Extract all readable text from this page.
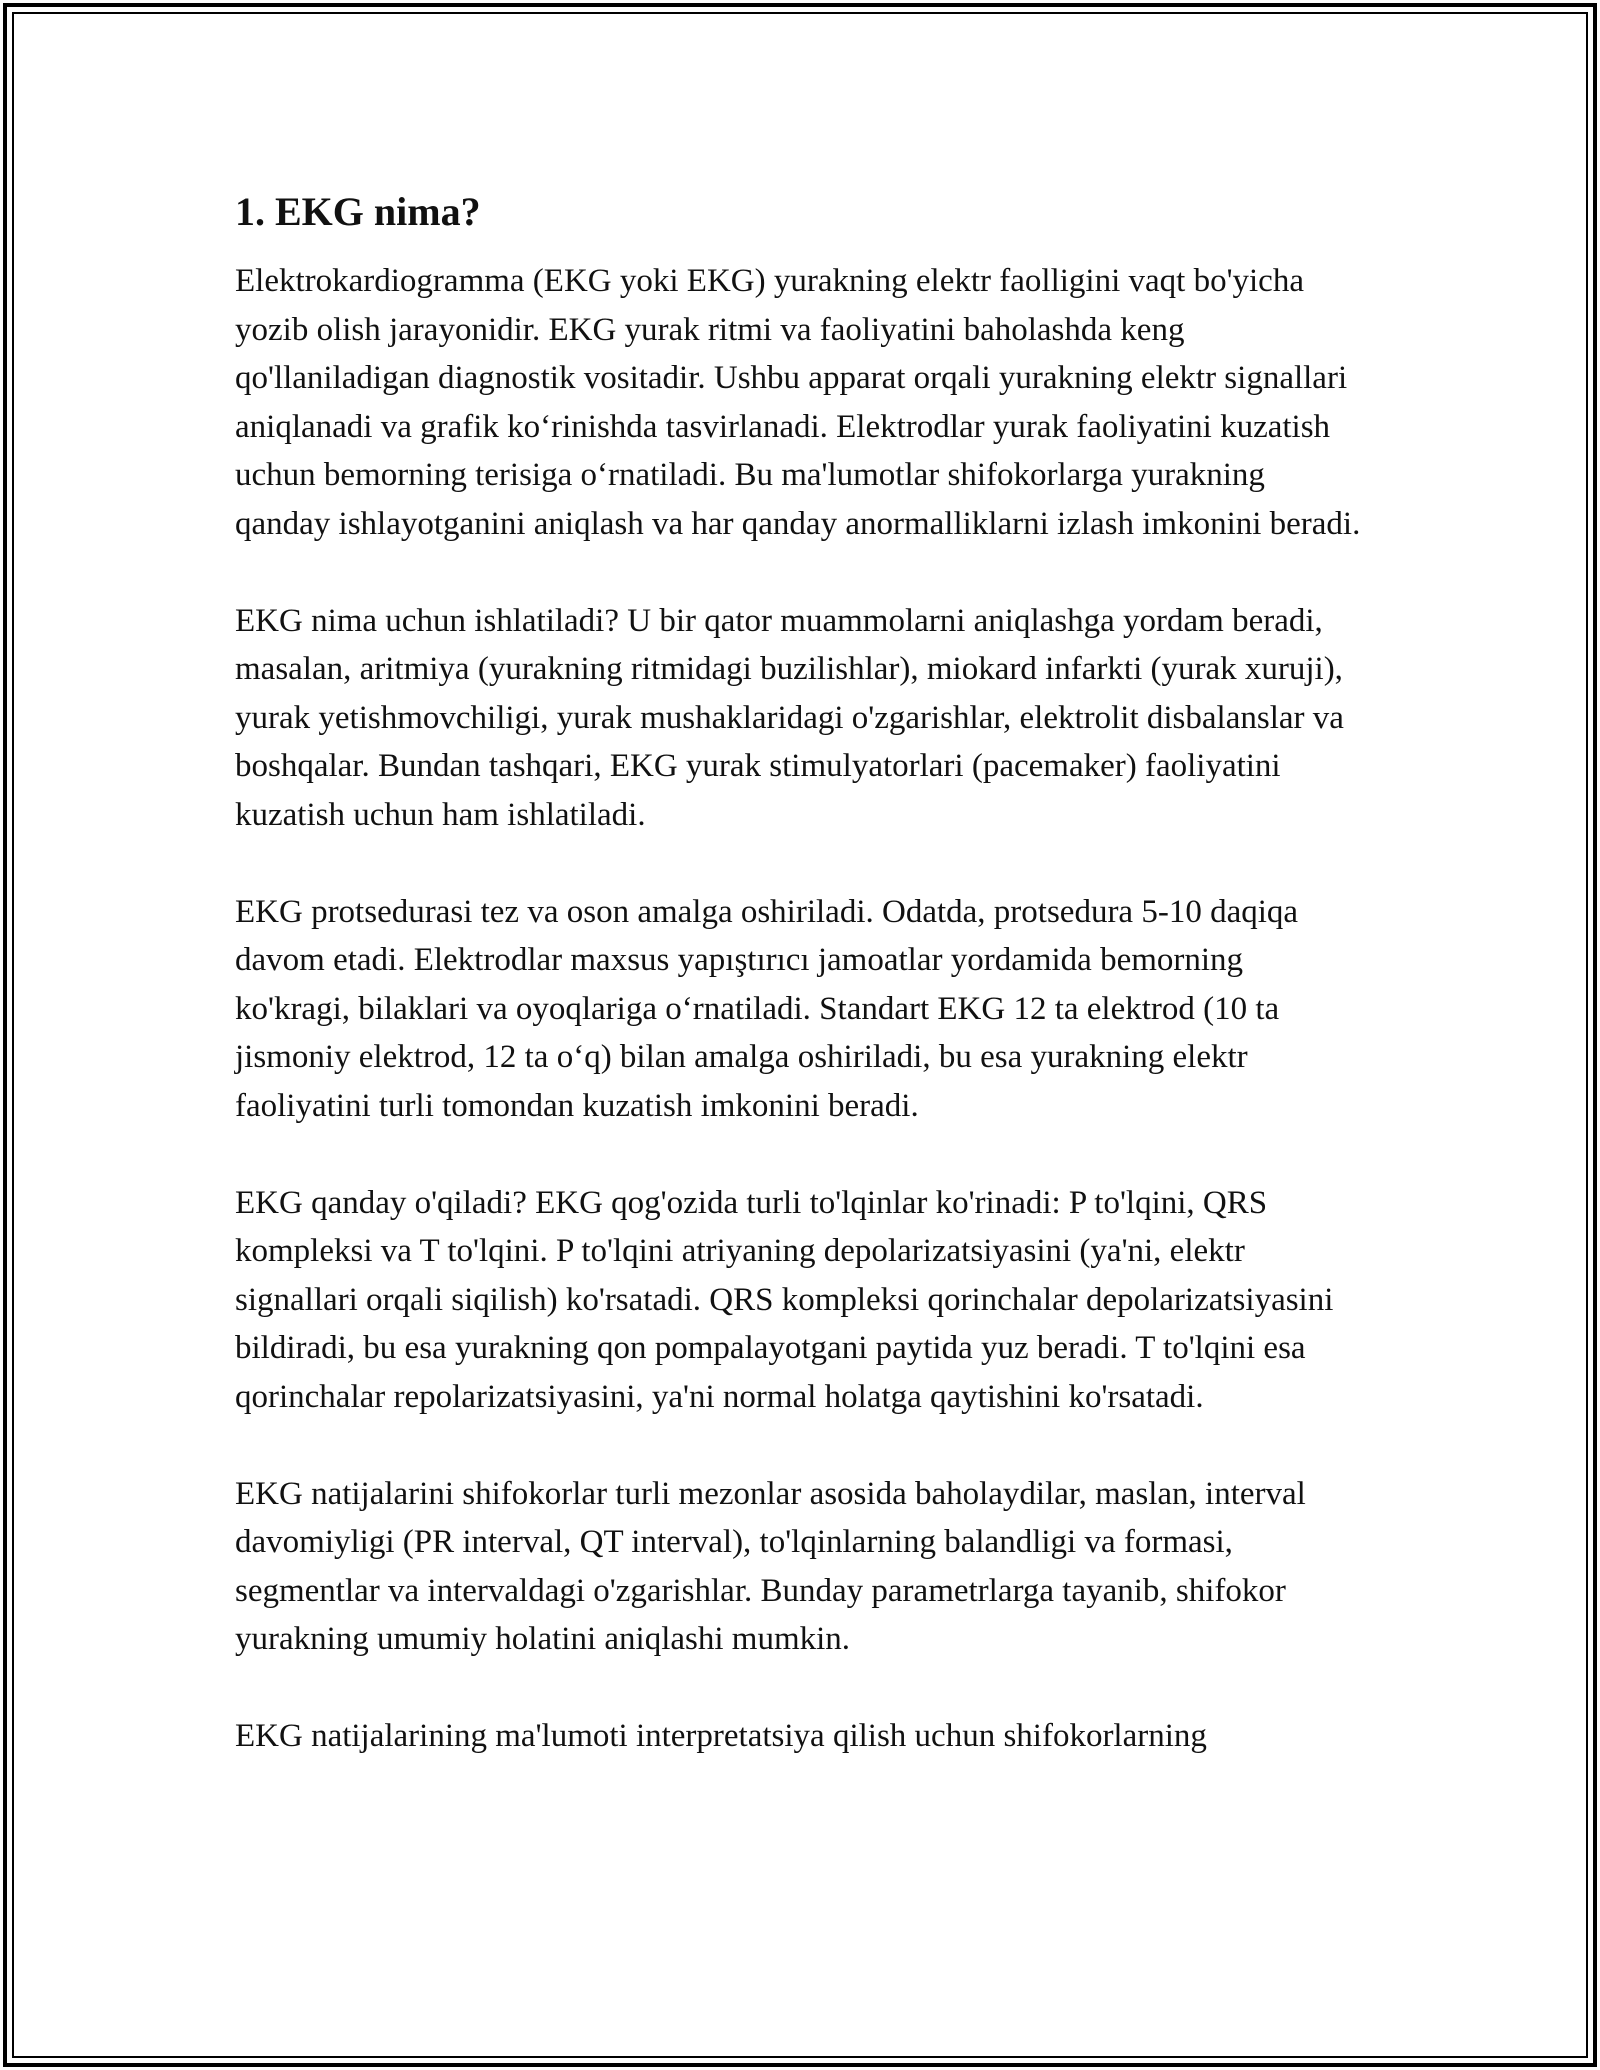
1. EKG nima?

Elektrokardiogramma (EKG yoki EKG) yurakning elektr faolligini vaqt bo'yicha yozib olish jarayonidir. EKG yurak ritmi va faoliyatini baholashda keng qo'llaniladigan diagnostik vositadir. Ushbu apparat orqali yurakning elektr signallari aniqlanadi va grafik ko‘rinishda tasvirlanadi. Elektrodlar yurak faoliyatini kuzatish uchun bemorning terisiga o‘rnatiladi. Bu ma'lumotlar shifokorlarga yurakning qanday ishlayotganini aniqlash va har qanday anormalliklarni izlash imkonini beradi.

EKG nima uchun ishlatiladi? U bir qator muammolarni aniqlashga yordam beradi, masalan, aritmiya (yurakning ritmidagi buzilishlar), miokard infarkti (yurak xuruji), yurak yetishmovchiligi, yurak mushaklaridagi o'zgarishlar, elektrolit disbalanslar va boshqalar. Bundan tashqari, EKG yurak stimulyatorlari (pacemaker) faoliyatini kuzatish uchun ham ishlatiladi.

EKG protsedurasi tez va oson amalga oshiriladi. Odatda, protsedura 5-10 daqiqa davom etadi. Elektrodlar maxsus yapıştırıcı jamoatlar yordamida bemorning ko'kragi, bilaklari va oyoqlariga o‘rnatiladi. Standart EKG 12 ta elektrod (10 ta jismoniy elektrod, 12 ta o‘q) bilan amalga oshiriladi, bu esa yurakning elektr faoliyatini turli tomondan kuzatish imkonini beradi.

EKG qanday o'qiladi? EKG qog'ozida turli to'lqinlar ko'rinadi: P to'lqini, QRS kompleksi va T to'lqini. P to'lqini atriyaning depolarizatsiyasini (ya'ni, elektr signallari orqali siqilish) ko'rsatadi. QRS kompleksi qorinchalar depolarizatsiyasini bildiradi, bu esa yurakning qon pompalayotgani paytida yuz beradi. T to'lqini esa qorinchalar repolarizatsiyasini, ya'ni normal holatga qaytishini ko'rsatadi.

EKG natijalarini shifokorlar turli mezonlar asosida baholaydilar, maslan, interval davomiyligi (PR interval, QT interval), to'lqinlarning balandligi va formasi, segmentlar va intervaldagi o'zgarishlar. Bunday parametrlarga tayanib, shifokor yurakning umumiy holatini aniqlashi mumkin.

EKG natijalarining ma'lumoti interpretatsiya qilish uchun shifokorlarning
